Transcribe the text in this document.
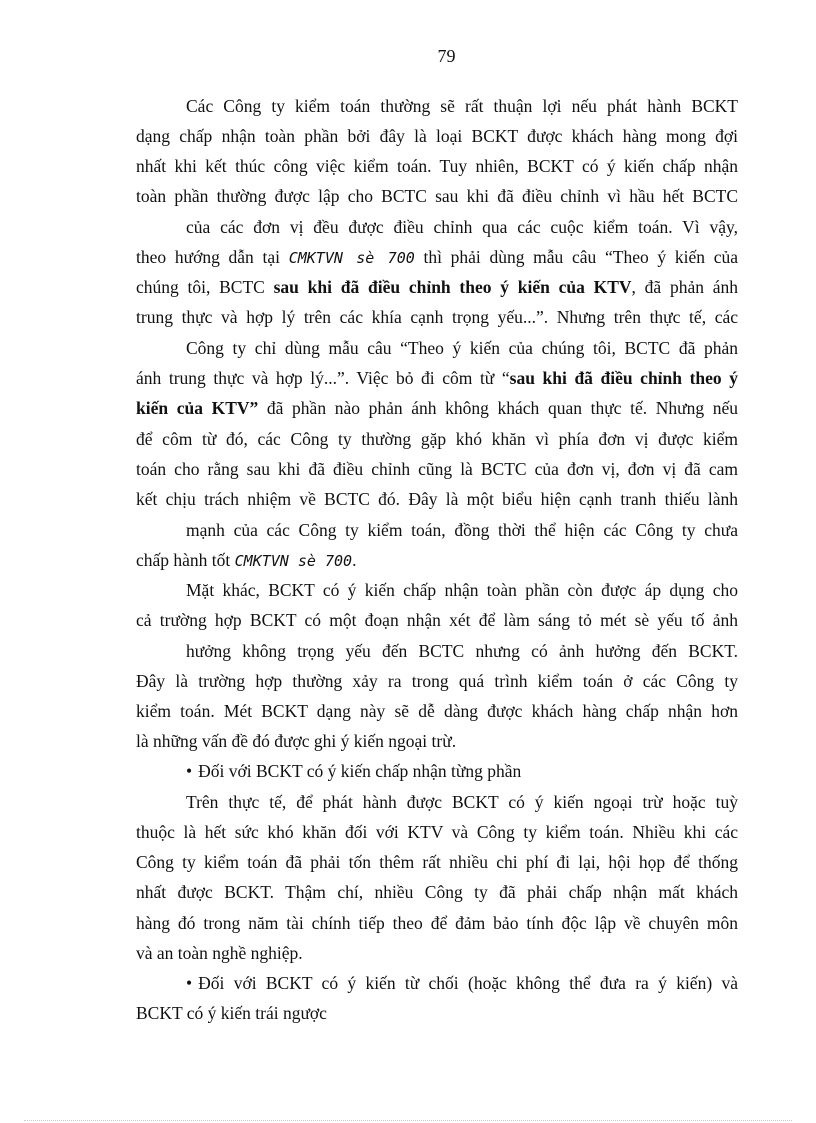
79
Các Công ty kiểm toán thường sẽ rất thuận lợi nếu phát hành BCKT
dạng chấp nhận toàn phần bởi đây là loại BCKT được khách hàng mong đợi
nhất khi kết thúc công việc kiểm toán. Tuy nhiên, BCKT có ý kiến chấp nhận
toàn phần thường được lập cho BCTC sau khi đã điều chỉnh vì hầu hết BCTC
của các đơn vị đều được điều chỉnh qua các cuộc kiểm toán. Vì vậy,
theo hướng dẫn tại CMKTVN sè 700 thì phải dùng mẫu câu “Theo ý kiến của
chúng tôi, BCTC sau khi đã điều chỉnh theo ý kiến của KTV, đã phản ánh
trung thực và hợp lý trên các khía cạnh trọng yếu...”. Nhưng trên thực tế, các
Công ty chỉ dùng mẫu câu “Theo ý kiến của chúng tôi, BCTC đã phản
ánh trung thực và hợp lý...”. Việc bỏ đi côm từ “sau khi đã điều chỉnh theo ý
kiến của KTV” đã phần nào phản ánh không khách quan thực tế. Nhưng nếu
để côm từ đó, các Công ty thường gặp khó khăn vì phía đơn vị được kiểm
toán cho rằng sau khi đã điều chỉnh cũng là BCTC của đơn vị, đơn vị đã cam
kết chịu trách nhiệm về BCTC đó. Đây là một biểu hiện cạnh tranh thiếu lành
mạnh của các Công ty kiểm toán, đồng thời thể hiện các Công ty chưa
chấp hành tốt CMKTVN sè 700.
Mặt khác, BCKT có ý kiến chấp nhận toàn phần còn được áp dụng cho
cả trường hợp BCKT có một đoạn nhận xét để làm sáng tỏ mét sè yếu tố ảnh
hưởng không trọng yếu đến BCTC nhưng có ảnh hưởng đến BCKT.
Đây là trường hợp thường xảy ra trong quá trình kiểm toán ở các Công ty
kiểm toán. Mét BCKT dạng này sẽ dễ dàng được khách hàng chấp nhận hơn
là những vấn đề đó được ghi ý kiến ngoại trừ.
• Đối với BCKT có ý kiến chấp nhận từng phần
Trên thực tế, để phát hành được BCKT có ý kiến ngoại trừ hoặc tuỳ
thuộc là hết sức khó khăn đối với KTV và Công ty kiểm toán. Nhiều khi các
Công ty kiểm toán đã phải tốn thêm rất nhiều chi phí đi lại, hội họp để thống
nhất được BCKT. Thậm chí, nhiều Công ty đã phải chấp nhận mất khách
hàng đó trong năm tài chính tiếp theo để đảm bảo tính độc lập về chuyên môn
và an toàn nghề nghiệp.
• Đối với BCKT có ý kiến từ chối (hoặc không thể đưa ra ý kiến) và
BCKT có ý kiến trái ngược
